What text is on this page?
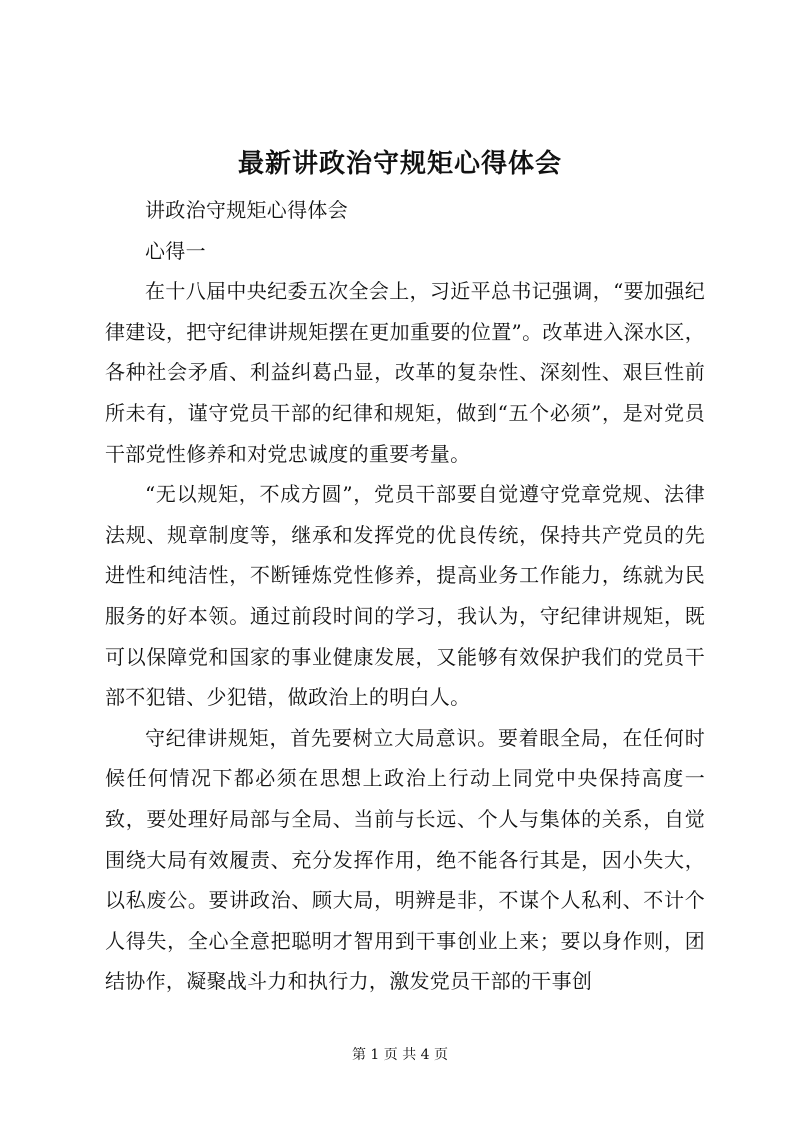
最新讲政治守规矩心得体会

讲政治守规矩心得体会

心得一

在十八届中央纪委五次全会上，习近平总书记强调，“要加强纪律建设，把守纪律讲规矩摆在更加重要的位置”。改革进入深水区，各种社会矛盾、利益纠葛凸显，改革的复杂性、深刻性、艰巨性前所未有，谨守党员干部的纪律和规矩，做到“五个必须”，是对党员干部党性修养和对党忠诚度的重要考量。

“无以规矩，不成方圆”，党员干部要自觉遵守党章党规、法律法规、规章制度等，继承和发挥党的优良传统，保持共产党员的先进性和纯洁性，不断锤炼党性修养，提高业务工作能力，练就为民服务的好本领。通过前段时间的学习，我认为，守纪律讲规矩，既可以保障党和国家的事业健康发展，又能够有效保护我们的党员干部不犯错、少犯错，做政治上的明白人。

守纪律讲规矩，首先要树立大局意识。要着眼全局，在任何时候任何情况下都必须在思想上政治上行动上同党中央保持高度一致，要处理好局部与全局、当前与长远、个人与集体的关系，自觉围绕大局有效履责、充分发挥作用，绝不能各行其是，因小失大，以私废公。要讲政治、顾大局，明辨是非，不谋个人私利、不计个人得失，全心全意把聪明才智用到干事创业上来；要以身作则，团结协作，凝聚战斗力和执行力，激发党员干部的干事创

第 1 页 共 4 页
